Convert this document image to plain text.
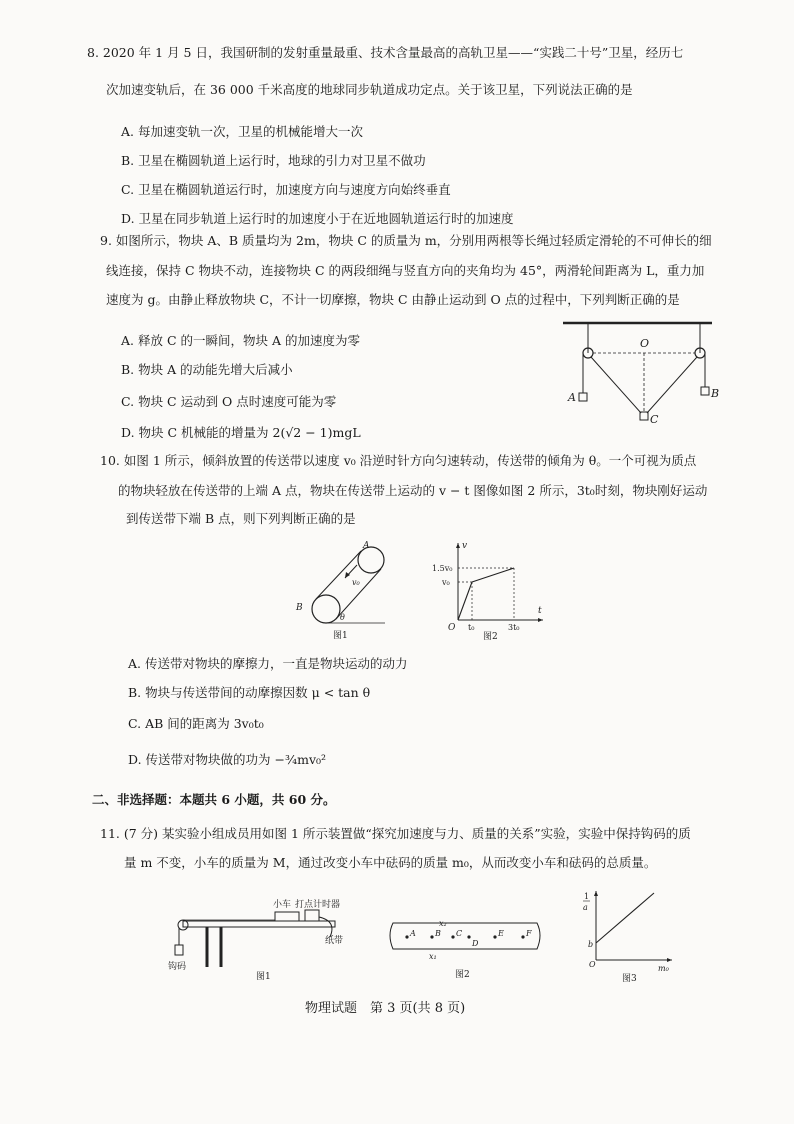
8. 2020 年 1 月 5 日，我国研制的发射重量最重、技术含量最高的高轨卫星——“实践二十号”卫星，经历七
次加速变轨后，在 36 000 千米高度的地球同步轨道成功定点。关于该卫星，下列说法正确的是
A. 每加速变轨一次，卫星的机械能增大一次
B. 卫星在椭圆轨道上运行时，地球的引力对卫星不做功
C. 卫星在椭圆轨道运行时，加速度方向与速度方向始终垂直
D. 卫星在同步轨道上运行时的加速度小于在近地圆轨道运行时的加速度
9. 如图所示，物块 A、B 质量均为 2m，物块 C 的质量为 m，分别用两根等长绳过轻质定滑轮的不可伸长的细
线连接，保持 C 物块不动，连接物块 C 的两段细绳与竖直方向的夹角均为 45°，两滑轮间距离为 L，重力加
速度为 g。由静止释放物块 C，不计一切摩擦，物块 C 由静止运动到 O 点的过程中，下列判断正确的是
A. 释放 C 的一瞬间，物块 A 的加速度为零
B. 物块 A 的动能先增大后减小
C. 物块 C 运动到 O 点时速度可能为零
D. 物块 C 机械能的增量为 2(√2 − 1)mgL
O
A	B
C
10. 如图 1 所示，倾斜放置的传送带以速度 v₀ 沿逆时针方向匀速转动，传送带的倾角为 θ。一个可视为质点
的物块轻放在传送带的上端 A 点，物块在传送带上运动的 v − t 图像如图 2 所示，3t₀时刻，物块刚好运动
到传送带下端 B 点，则下列判断正确的是
A
B
v₀
θ
图1
v
t
O
1.5v₀
v₀
t₀	3t₀
图2
A. 传送带对物块的摩擦力，一直是物块运动的动力
B. 物块与传送带间的动摩擦因数 μ < tan θ
C. AB 间的距离为 3v₀t₀
D. 传送带对物块做的功为 −¾mv₀²
二、非选择题：本题共 6 小题，共 60 分。
11. (7 分) 某实验小组成员用如图 1 所示装置做“探究加速度与力、质量的关系”实验，实验中保持钩码的质
量 m 不变，小车的质量为 M，通过改变小车中砝码的质量 m₀，从而改变小车和砝码的总质量。
小车 打点计时器
纸带
钩码
图1
A B C
D
E	F
x₁
x₂
图2
O
b
1
a
m₀
图3
物理试题　第 3 页(共 8 页)
